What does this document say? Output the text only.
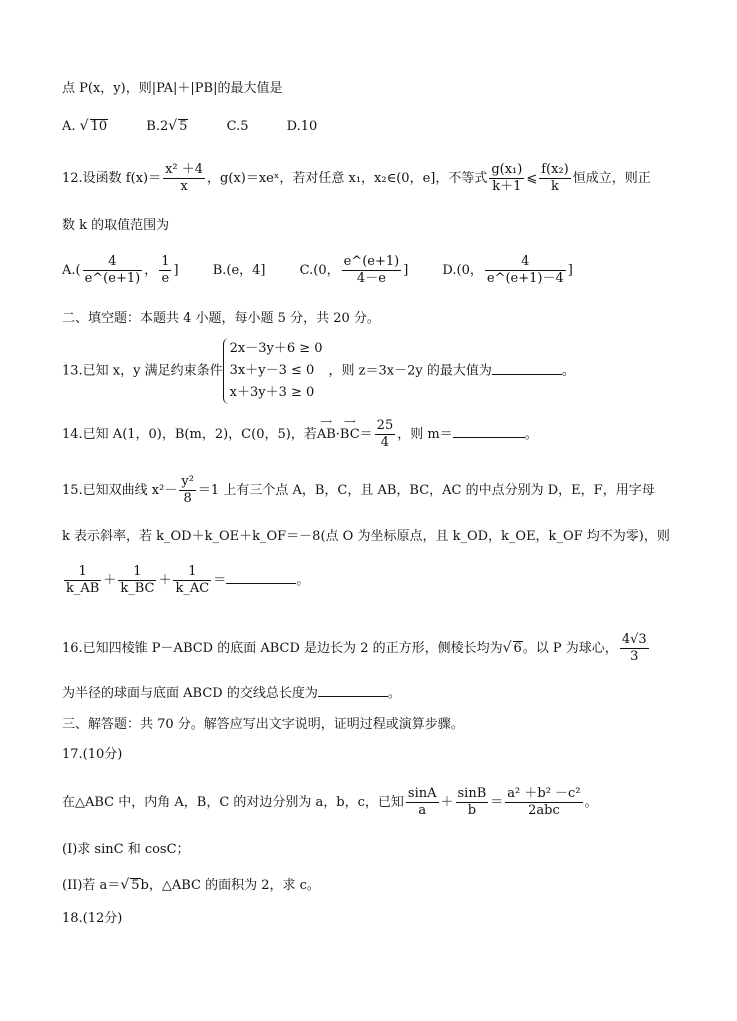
点 P(x，y)，则|PA|＋|PB|的最大值是
A. √ 10	B.2√ 5	C.5	D.10
12.设函数 $f(x)= \frac{\text{x² ＋4}}{x}$ ，g(x)＝xeˣ，若对任意 x₁，x₂∈(0，e]，不等式 $\frac{\text{g(x₁)}}{k+1}$ ⩽ $\frac{\text{f(x₂)}}{k}$ 恒成立，则正
数 k 的取值范围为
$A.( \frac{4}{e\^{}(e+1)}$ ， $\frac{1}{e}$ ]	B.(e，4]	C.(0， $\frac{e\^{}(e+1)}{4-e}$ ]	D.(0， $\frac{4}{e\^{}(e+1)-4}$ ]
二、填空题：本题共 4 小题，每小题 5 分，共 20 分。
13.已知 x，y 满足约束条件
2x－3y＋6 ≥ 0
3x＋y－3 ≤ 0
x＋3y＋3 ≥ 0
，则 z＝3x－2y 的最大值为	。
14.已知 A(1，0)，B(m，2)，C(0，5)，若
⟶
AB·
⟶
$BC= \frac{25}{4}$ ，则 m＝	。
15.已知双曲线 $x^2- \frac{\text{y²}}{8} =1$ 上有三个点 A，B，C，且 AB，BC，AC 的中点分别为 D，E，F，用字母
k 表示斜率，若 k_OD＋k_OE＋k_OF＝－8(点 O 为坐标原点，且 k_OD，k_OE，k_OF 均不为零)，则
$\frac{1}{k\_AB} + \frac{1}{k\_BC} + \frac{1}{k\_AC}$ ＝	。
16.已知四棱锥 P－ABCD 的底面 ABCD 是边长为 2 的正方形，侧棱长均为√ 6。以 P 为球心， $\frac{4√3}{3}$
为半径的球面与底面 ABCD 的交线总长度为	。
三、解答题：共 70 分。解答应写出文字说明，证明过程或演算步骤。
17.(10分)
在△ABC 中，内角 A，B，C 的对边分别为 a，b，c，已知 $\frac{\sin A}{a} + \frac{\sin B}{b} = \frac{\text{a² ＋b² －c²}}{\text{2abc}}$ 。
(I)求 sinC 和 cosC；
(II)若 a＝√ 5b，△ABC 的面积为 2，求 c。
18.(12分)
